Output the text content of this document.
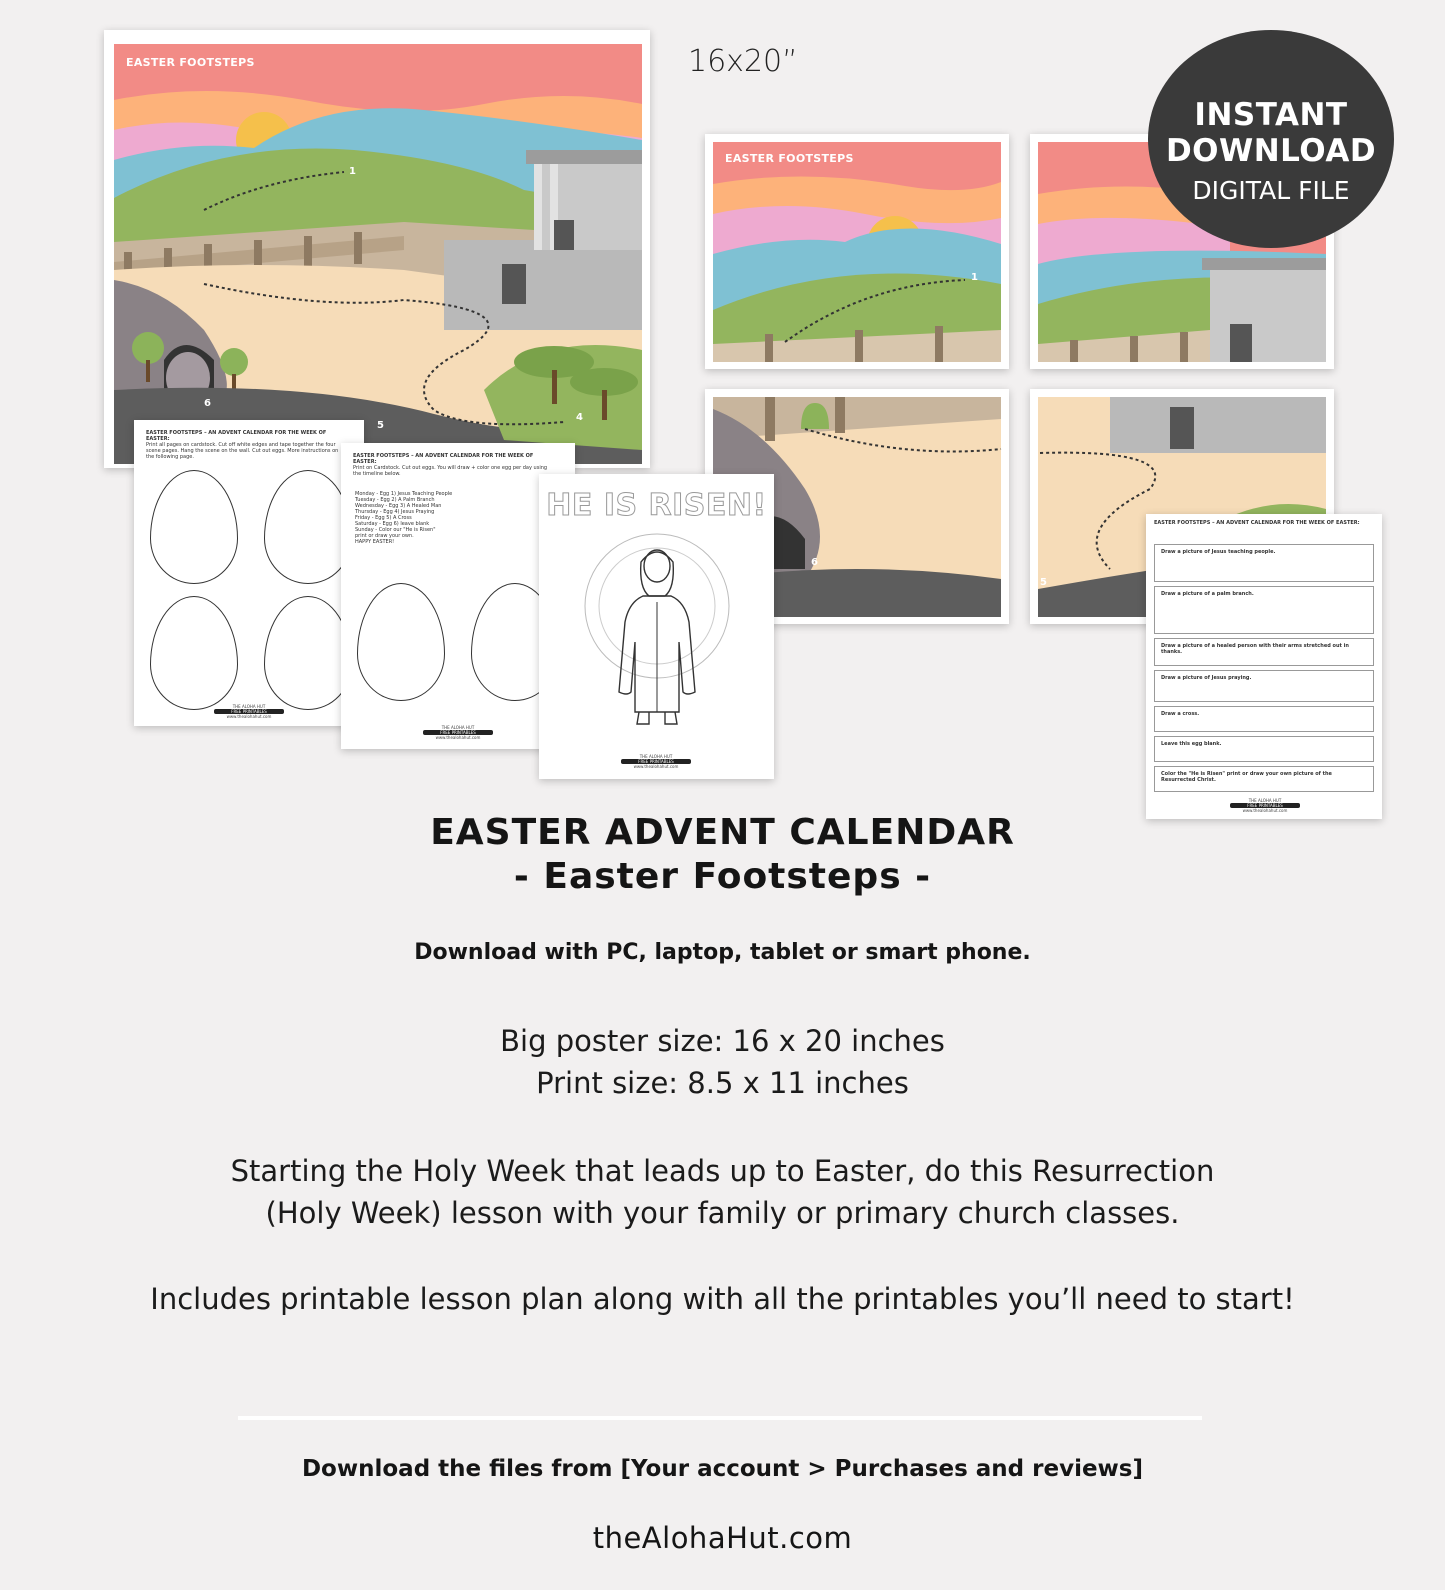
EASTER FOOTSTEPS
1
4
5
6
16x20”
EASTER FOOTSTEPS
1
6
5
INSTANT
DOWNLOAD
DIGITAL FILE
EASTER FOOTSTEPS – AN ADVENT CALENDAR FOR THE WEEK OF EASTER:
Print all pages on cardstock. Cut off white edges and tape together the four scene pages. Hang the scene on the wall. Cut out eggs. More instructions on the following page.
THE ALOHA HUT
FREE PRINTABLES
www.thealohahut.com
EASTER FOOTSTEPS – AN ADVENT CALENDAR FOR THE WEEK OF EASTER:
Print on Cardstock. Cut out eggs. You will draw + color one egg per day using the timeline below.
Monday - Egg 1) Jesus Teaching People
Tuesday - Egg 2) A Palm Branch
Wednesday - Egg 3) A Healed Man
Thursday - Egg 4) Jesus Praying
Friday - Egg 5) A Cross
Saturday - Egg 6) leave blank
Sunday - Color our "He is Risen"
print or draw your own.
HAPPY EASTER!
THE ALOHA HUT
FREE PRINTABLES
www.thealohahut.com
HE IS RISEN!
THE ALOHA HUT
FREE PRINTABLES
www.thealohahut.com
EASTER FOOTSTEPS – AN ADVENT CALENDAR FOR THE WEEK OF EASTER:
Draw a picture of Jesus teaching people.
Draw a picture of a palm branch.
Draw a picture of a healed person with their arms stretched out in thanks.
Draw a picture of Jesus praying.
Draw a cross.
Leave this egg blank.
Color the "He is Risen" print or draw your own picture of the Resurrected Christ.
THE ALOHA HUT
FREE PRINTABLES
www.thealohahut.com
EASTER ADVENT CALENDAR
- Easter Footsteps -
Download with PC, laptop, tablet or smart phone.
Big poster size: 16 x 20 inches
Print size: 8.5 x 11 inches
Starting the Holy Week that leads up to Easter, do this Resurrection
(Holy Week) lesson with your family or primary church classes.
Includes printable lesson plan along with all the printables you’ll need to start!
Download the files from [Your account > Purchases and reviews]
theAlohaHut.com
